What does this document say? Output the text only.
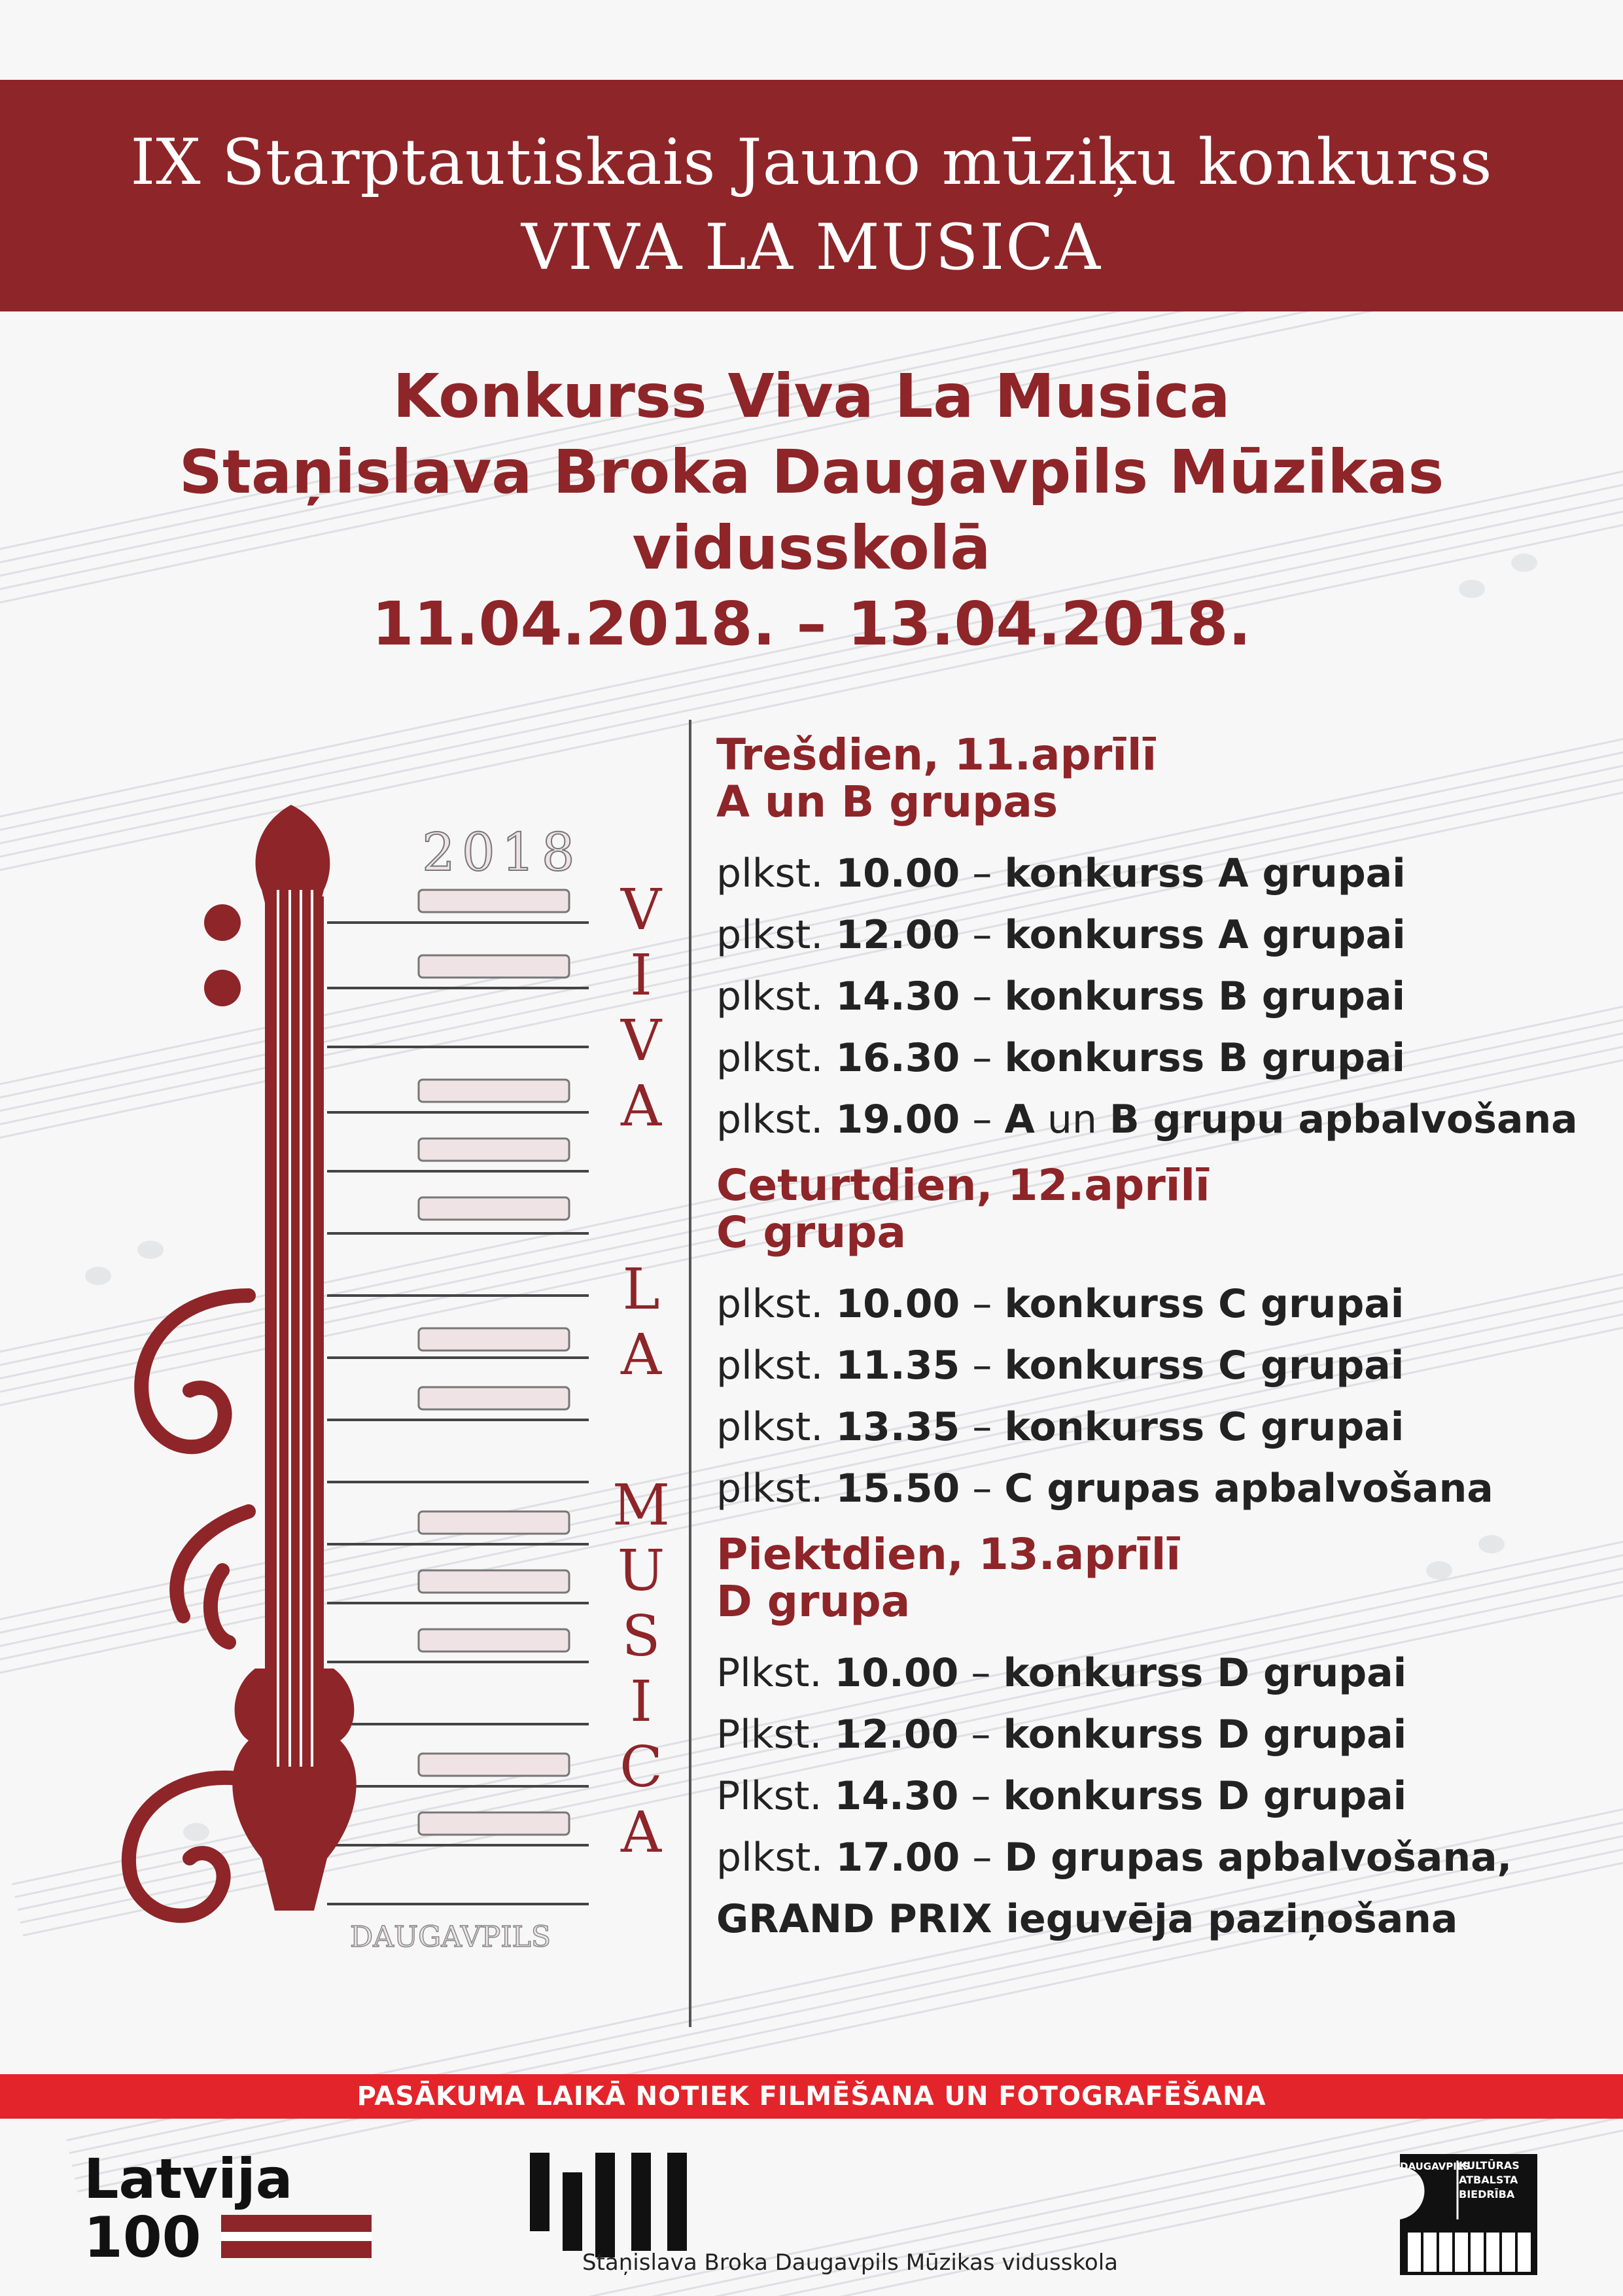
IX Starptautiskais Jauno mūziķu konkurss
VIVA LA MUSICA
Konkurss Viva La Musica
Staņislava Broka Daugavpils Mūzikas
vidusskolā
11.04.2018. – 13.04.2018.
2018
V
I
V
A
L
A
M
U
S
I
C
A
DAUGAVPILS
Trešdien, 11.aprīlī
A un B grupas
plkst. 10.00 – konkurss A grupai
plkst. 12.00 – konkurss A grupai
plkst. 14.30 – konkurss B grupai
plkst. 16.30 – konkurss B grupai
plkst. 19.00 – A un B grupu apbalvošana
Ceturtdien, 12.aprīlī
C grupa
plkst. 10.00 – konkurss C grupai
plkst. 11.35 – konkurss C grupai
plkst. 13.35 – konkurss C grupai
plkst. 15.50 – C grupas apbalvošana
Piektdien, 13.aprīlī
D grupa
Plkst. 10.00 – konkurss D grupai
Plkst. 12.00 – konkurss D grupai
Plkst. 14.30 – konkurss D grupai
plkst. 17.00 – D grupas apbalvošana,
GRAND PRIX ieguvēja paziņošana
PASĀKUMA LAIKĀ NOTIEK FILMĒŠANA UN FOTOGRAFĒŠANA
Latvija
100	Staņislava Broka Daugavpils Mūzikas vidusskola
DAUGAVPILS
KULTŪRAS
ATBALSTA
BIEDRĪBA
